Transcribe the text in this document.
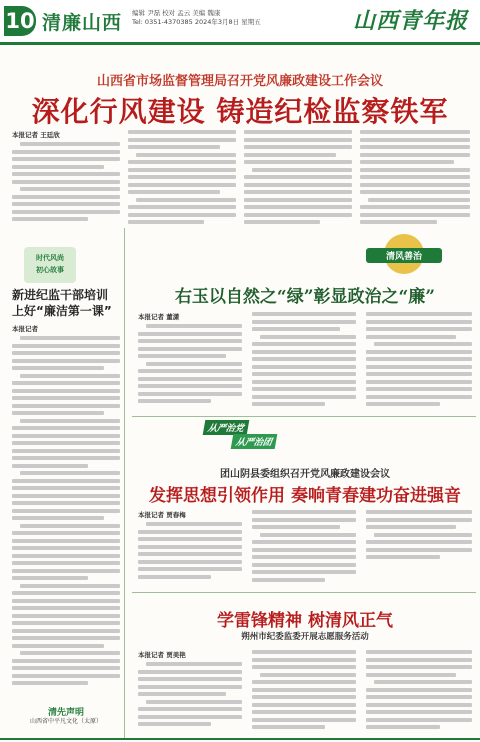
10 清廉山西 编辑 尹磊 校对 孟云 美编 魏康
Tel: 0351-4370385 2024年3月8日 星期五	山西青年报
山西省市场监督管理局召开党风廉政建设工作会议
深化行风建设 铸造纪检监察铁军
本报记者 王廷欣
时代风尚
初心故事
新进纪监干部培训上好“廉洁第一课”
本报记者
清先声明
山西省中平凡文化（太原）
清风善治
右玉以自然之“绿”彰显政治之“廉”
本报记者 董潇
从严治党
从严治团
团山阴县委组织召开党风廉政建设会议
发挥思想引领作用 奏响青春建功奋进强音
本报记者 贾春梅
学雷锋精神 树清风正气
朔州市纪委监委开展志愿服务活动
本报记者 贾美艳
